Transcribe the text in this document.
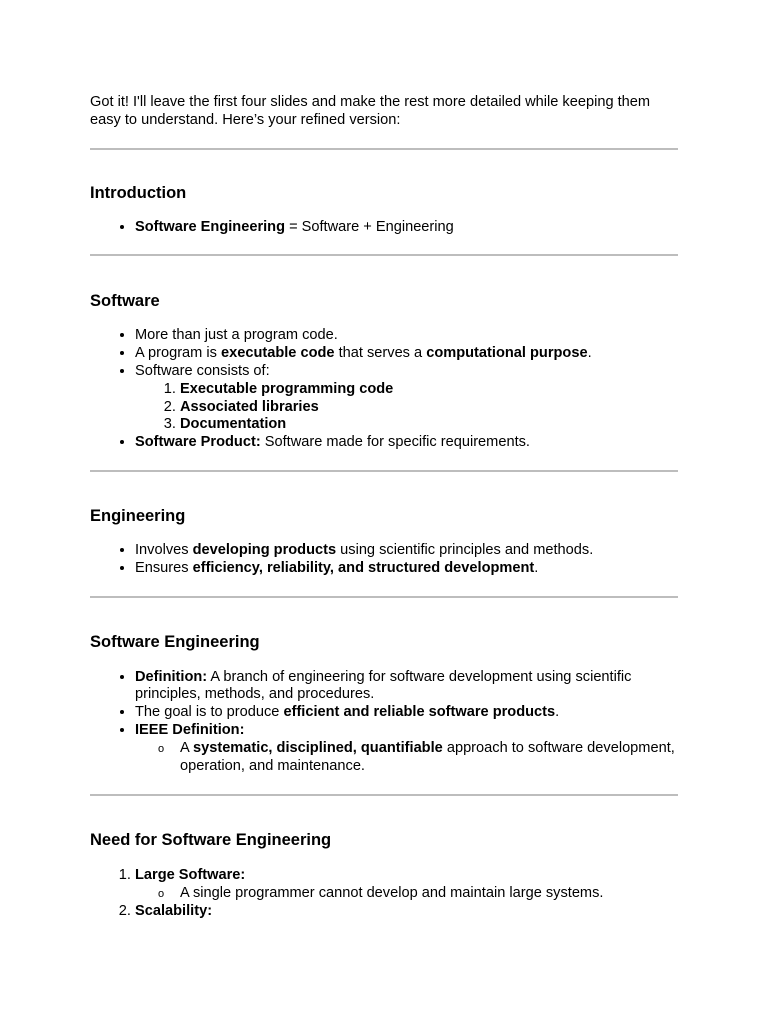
Got it! I'll leave the first four slides and make the rest more detailed while keeping them
easy to understand. Here’s your refined version:

Introduction
• Software Engineering = Software + Engineering
Software
• More than just a program code.
• A program is executable code that serves a computational purpose.
• Software consists of:
1. Executable programming code
2. Associated libraries
3. Documentation
• Software Product: Software made for specific requirements.
Engineering
• Involves developing products using scientific principles and methods.
• Ensures efficiency, reliability, and structured development.
Software Engineering
• Definition: A branch of engineering for software development using scientific principles, methods, and procedures.
• The goal is to produce efficient and reliable software products.
• IEEE Definition:
o A systematic, disciplined, quantifiable approach to software development, operation, and maintenance.
Need for Software Engineering
1. Large Software:
o A single programmer cannot develop and maintain large systems.
2. Scalability:
